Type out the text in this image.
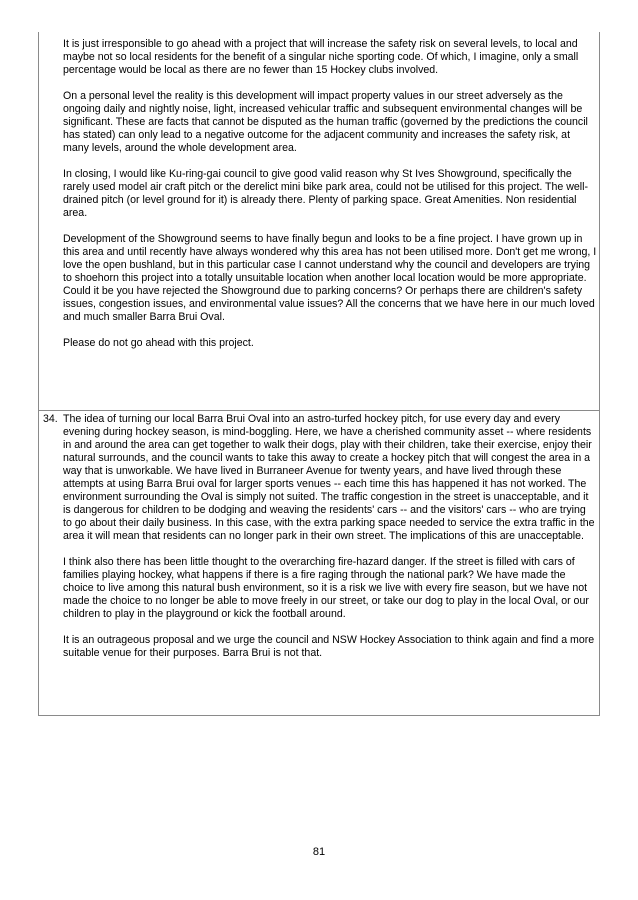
It is just irresponsible to go ahead with a project that will increase the safety risk on several levels, to local and maybe not so local residents for the benefit of a singular niche sporting code. Of which, I imagine, only a small percentage would be local as there are no fewer than 15 Hockey clubs involved.

On a personal level the reality is this development will impact property values in our street adversely as the ongoing daily and nightly noise, light, increased vehicular traffic and subsequent environmental changes will be significant. These are facts that cannot be disputed as the human traffic (governed by the predictions the council has stated) can only lead to a negative outcome for the adjacent community and increases the safety risk, at many levels, around the whole development area.

In closing, I would like Ku-ring-gai council to give good valid reason why St Ives Showground, specifically the rarely used model air craft pitch or the derelict mini bike park area, could not be utilised for this project. The well-drained pitch (or level ground for it) is already there. Plenty of parking space. Great Amenities. Non residential area.

Development of the Showground seems to have finally begun and looks to be a fine project. I have grown up in this area and until recently have always wondered why this area has not been utilised more. Don't get me wrong, I love the open bushland, but in this particular case I cannot understand why the council and developers are trying to shoehorn this project into a totally unsuitable location when another local location would be more appropriate. Could it be you have rejected the Showground due to parking concerns? Or perhaps there are children's safety issues, congestion issues, and environmental value issues? All the concerns that we have here in our much loved and much smaller Barra Brui Oval.

Please do not go ahead with this project.

34. The idea of turning our local Barra Brui Oval into an astro-turfed hockey pitch, for use every day and every evening during hockey season, is mind-boggling. Here, we have a cherished community asset -- where residents in and around the area can get together to walk their dogs, play with their children, take their exercise, enjoy their natural surrounds, and the council wants to take this away to create a hockey pitch that will congest the area in a way that is unworkable. We have lived in Burraneer Avenue for twenty years, and have lived through these attempts at using Barra Brui oval for larger sports venues -- each time this has happened it has not worked. The environment surrounding the Oval is simply not suited. The traffic congestion in the street is unacceptable, and it is dangerous for children to be dodging and weaving the residents' cars -- and the visitors' cars -- who are trying to go about their daily business. In this case, with the extra parking space needed to service the extra traffic in the area it will mean that residents can no longer park in their own street. The implications of this are unacceptable.

I think also there has been little thought to the overarching fire-hazard danger. If the street is filled with cars of families playing hockey, what happens if there is a fire raging through the national park? We have made the choice to live among this natural bush environment, so it is a risk we live with every fire season, but we have not made the choice to no longer be able to move freely in our street, or take our dog to play in the local Oval, or our children to play in the playground or kick the football around.

It is an outrageous proposal and we urge the council and NSW Hockey Association to think again and find a more suitable venue for their purposes. Barra Brui is not that.

81
